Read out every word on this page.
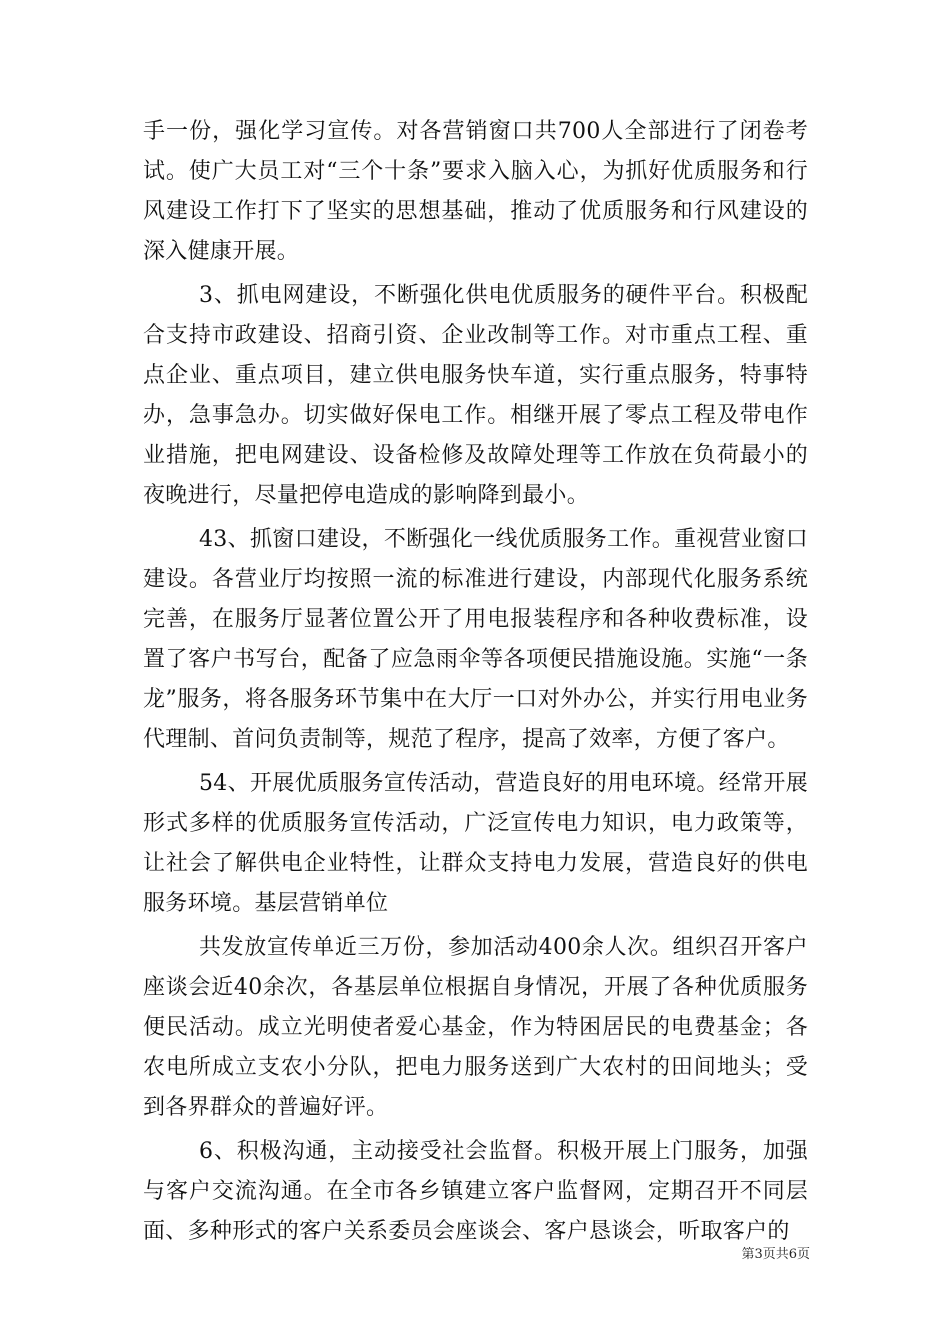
手一份，强化学习宣传。对各营销窗口共700人全部进行了闭卷考试。使广大员工对“三个十条”要求入脑入心，为抓好优质服务和行风建设工作打下了坚实的思想基础，推动了优质服务和行风建设的深入健康开展。

3、抓电网建设，不断强化供电优质服务的硬件平台。积极配合支持市政建设、招商引资、企业改制等工作。对市重点工程、重点企业、重点项目，建立供电服务快车道，实行重点服务，特事特办，急事急办。切实做好保电工作。相继开展了零点工程及带电作业措施，把电网建设、设备检修及故障处理等工作放在负荷最小的夜晚进行，尽量把停电造成的影响降到最小。

43、抓窗口建设，不断强化一线优质服务工作。重视营业窗口建设。各营业厅均按照一流的标准进行建设，内部现代化服务系统完善，在服务厅显著位置公开了用电报装程序和各种收费标准，设置了客户书写台，配备了应急雨伞等各项便民措施设施。实施“一条龙”服务，将各服务环节集中在大厅一口对外办公，并实行用电业务代理制、首问负责制等，规范了程序，提高了效率，方便了客户。

54、开展优质服务宣传活动，营造良好的用电环境。经常开展形式多样的优质服务宣传活动，广泛宣传电力知识，电力政策等，让社会了解供电企业特性，让群众支持电力发展，营造良好的供电服务环境。基层营销单位

共发放宣传单近三万份，参加活动400余人次。组织召开客户座谈会近40余次，各基层单位根据自身情况，开展了各种优质服务便民活动。成立光明使者爱心基金，作为特困居民的电费基金；各农电所成立支农小分队，把电力服务送到广大农村的田间地头；受到各界群众的普遍好评。

6、积极沟通，主动接受社会监督。积极开展上门服务，加强与客户交流沟通。在全市各乡镇建立客户监督网，定期召开不同层面、多种形式的客户关系委员会座谈会、客户恳谈会，听取客户的

第3页共6页
